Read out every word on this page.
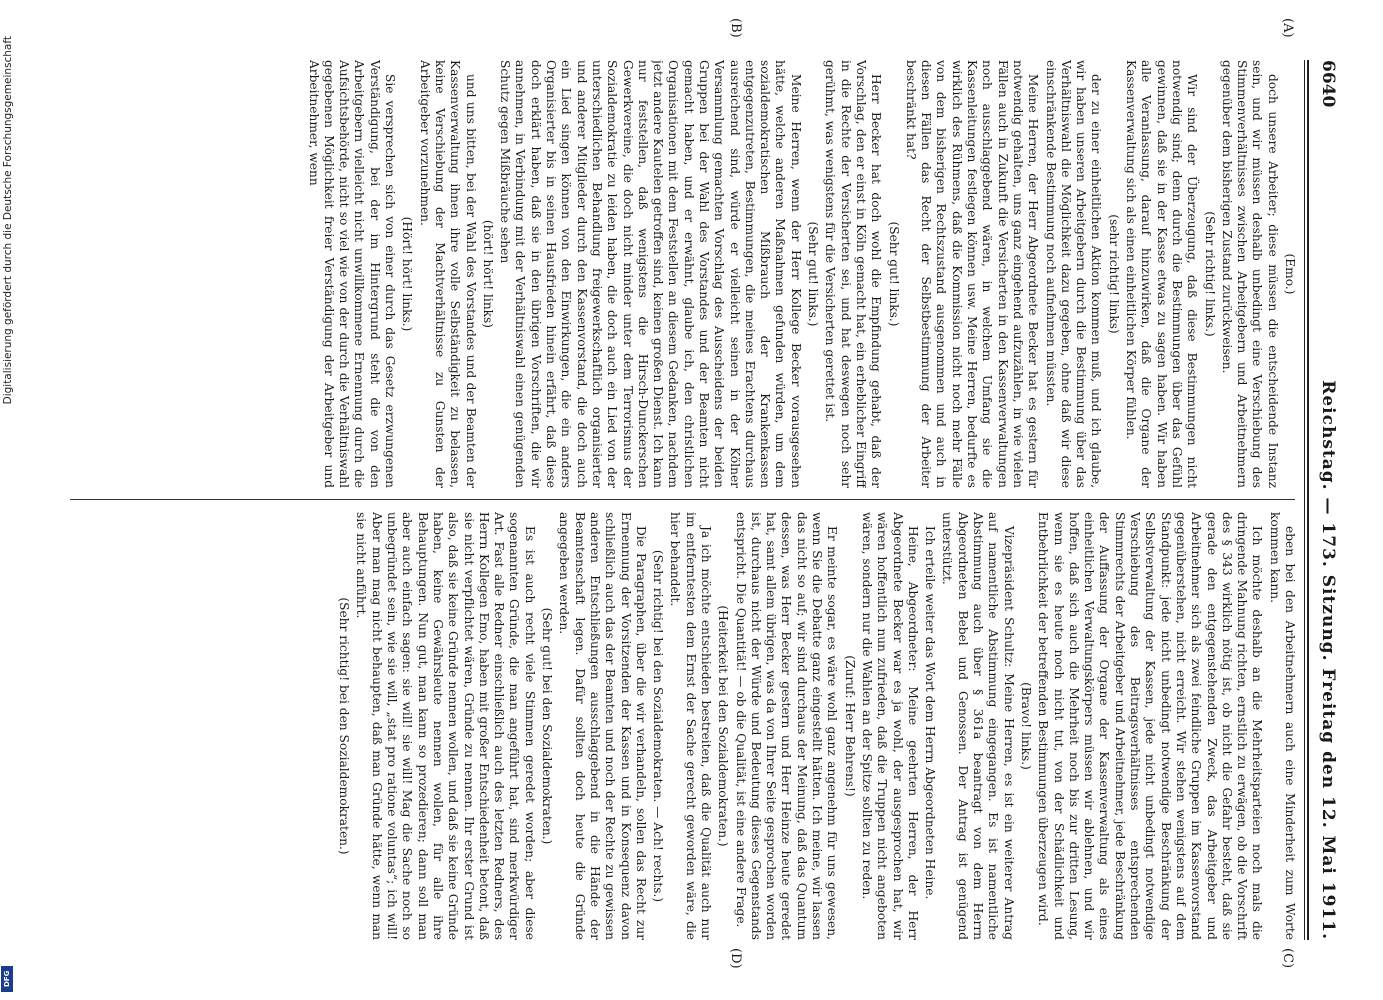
6640
Reichstag. — 173. Sitzung. Freitag den 12. Mai 1911.
(A)
(B)
(C)
(D)

(Emo.)

doch unsere Arbeiter; diese müssen die entscheidende Instanz sein, und wir müssen deshalb unbedingt eine Verschiebung des Stimmenverhältnisses zwischen Arbeitgebern und Arbeitnehmern gegenüber dem bisherigen Zustand zurückweisen.

(Sehr richtig! links.)

Wir sind der Überzeugung, daß diese Bestimmungen nicht notwendig sind; denn durch die Bestimmungen über das Gefühl gewinnen, daß sie in der Kasse etwas zu sagen haben. Wir haben alle Veranlassung, darauf hinzuwirken, daß die Organe der Kassenverwaltung sich als einen einheitlichen Körper fühlen.

(sehr richtig! links)

der zu einer einheitlichen Aktion kommen muß, und ich glaube, wir haben unseren Arbeitgebern durch die Bestimmung über das Verhältniswahl die Möglichkeit dazu gegeben, ohne daß wir diese einschränkende Bestimmung noch aufnehmen müssten.

Meine Herren, der Herr Abgeordnete Becker hat es gestern für notwendig gehalten, uns ganz eingehend aufzuzählen, in wie vielen Fällen auch in Zukunft die Versicherten in den Kassenverwaltungen noch ausschlaggebend wären, in welchem Umfang sie die Kassenleitungen festlegen können usw. Meine Herren, bedurfte es wirklich des Rühmens, daß die Kommission nicht noch mehr Fälle von dem bisherigen Rechtszustand ausgenommen und auch in diesen Fällen das Recht der Selbstbestimmung der Arbeiter beschränkt hat?

(Sehr gut! links.)

Herr Becker hat doch wohl die Empfindung gehabt, daß der Vorschlag, den er einst in Köln gemacht hat, ein erheblicher Eingriff in die Rechte der Versicherten sei, und hat deswegen noch sehr gerühmt, was wenigstens für die Versicherten gerettet ist.

(Sehr gut! links.)

Meine Herren, wenn der Herr Kollege Becker vorausgesehen hätte, welche anderen Maßnahmen gefunden würden, um dem sozialdemokratischen Mißbrauch der Krankenkassen entgegenzutreten, Bestimmungen, die meines Erachtens durchaus ausreichend sind, würde er vielleicht seinen in der Kölner Versammlung gemachten Vorschlag des Ausscheidens der beiden Gruppen bei der Wahl des Vorstandes und der Beamten nicht gemacht haben, und er erwähnt, glaube ich, den christlichen Organisationen mit dem Feststellen an diesem Gedanken, nachdem jetzt andere Kautelen getroffen sind, keinen großen Dienst. Ich kann nur feststellen, daß wenigstens die Hirsch-Dunckerschen Gewerkvereine, die doch nicht minder unter dem Terrorismus der Sozialdemokratie zu leiden haben, die doch auch ein Lied von der unterschiedlichen Behandlung freigewerkschaftlich organisierter und anderer Mitglieder durch den Kassenvorstand, die doch auch ein Lied singen können von den Einwirkungen, die ein anders Organisierter bis in seinen Hausfrieden hinein erfährt, daß diese doch erklärt haben, daß sie in den übrigen Vorschriften, die wir annehmen, in Verbindung mit der Verhältniswahl einen genügenden Schutz gegen Mißbräuche sehen

(hört! hört! links)

und uns bitten, bei der Wahl des Vorstandes und der Beamten der Kassenverwaltung ihnen ihre volle Selbständigkeit zu belassen, keine Verschiebung der Machtverhältnisse zu Gunsten der Arbeitgeber vorzunehmen.

(Hört! hört! links.)

Sie versprechen sich von einer durch das Gesetz erzwungenen Verständigung, bei der im Hintergrund steht die von den Arbeitgebern vielleicht nicht unwillkommene Ernennung durch die Aufsichtsbehörde, nicht so viel wie von der durch die Verhältniswahl gegebenen Möglichkeit freier Verständigung der Arbeitgeber und Arbeitnehmer, wenn

eben bei den Arbeitnehmern auch eine Minderheit zum Worte kommen kann.

Ich möchte deshalb an die Mehrheitsparteien noch mals die dringende Mahnung richten, ernstlich zu erwägen, ob die Vorschrift des § 343 wirklich nötig ist, ob nicht die Gefahr besteht, daß sie gerade den entgegenstehenden Zweck, das Arbeitgeber und Arbeitnehmer sich als zwei feindliche Gruppen im Kassenvorstand gegenüberstehen, nicht erreicht. Wir stehen wenigstens auf dem Standpunkt: jede nicht unbedingt notwendige Beschränkung der Selbstverwaltung der Kassen, jede nicht unbedingt notwendige Verschiebung des Beitragsverhältnisses entsprechenden Stimmrechts der Arbeitgeber und Arbeitnehmer, jede Beschränkung der Auffassung der Organe der Kassenverwaltung als eines einheitlichen Verwaltungskörpers müssen wir ablehnen, und wir hoffen, daß sich auch die Mehrheit noch bis zur dritten Lesung, wenn sie es heute noch nicht tut, von der Schädlichkeit und Entbehrlichkeit der betreffenden Bestimmungen überzeugen wird.

(Bravo! links.)

Vizepräsident Schultz: Meine Herren, es ist ein weiterer Antrag auf namentliche Abstimmung eingegangen. Es ist namentliche Abstimmung auch über § 361a beantragt von dem Herrn Abgeordneten Bebel und Genossen. Der Antrag ist genügend unterstützt.

Ich erteile weiter das Wort dem Herrn Abgeordneten Heine.

Heine, Abgeordneter: Meine geehrten Herren, der Herr Abgeordnete Becker war es ja wohl, der ausgesprochen hat, wir wären hoffentlich nun zufrieden, daß die Truppen nicht angeboten wären, sondern nur die Wahlen an der Spitze sollten zu reden.

(Zuruf: Herr Behrens!)

Er meinte sogar, es wäre wohl ganz angenehm für uns gewesen, wenn Sie die Debatte ganz eingestellt hätten. Ich meine, wir lassen das nicht so auf; wir sind durchaus der Meinung, daß das Quantum dessen, was Herr Becker gestern und Herr Heinze heute geredet hat, samt allem übrigen, was da von Ihrer Seite gesprochen worden ist, durchaus nicht der Würde und Bedeutung dieses Gegenstands entspricht. Die Quantität! — ob die Qualität, ist eine andere Frage.

(Heiterkeit bei den Sozialdemokraten.)

Ja ich möchte entschieden bestreiten, daß die Qualität auch nur im entferntesten dem Ernst der Sache gerecht geworden wäre, die hier behandelt.

(Sehr richtig! bei den Sozialdemokraten. — Ach! rechts.)

Die Paragraphen, über die wir verhandeln, sollen das Recht zur Ernennung der Vorsitzenden der Kassen und in Konsequenz davon schließlich auch das der Beamten und noch der Rechte zu gewissen anderen Entschließungen ausschlaggebend in die Hände der Beamtenschaft legen. Dafür sollten doch heute die Gründe angegeben werden.

(Sehr gut! bei den Sozialdemokraten.)

Es ist auch recht viele Stimmen geredet worden; aber diese sogenannten Gründe, die man angeführt hat, sind merkwürdiger Art. Fast alle Redner einschließlich auch des letzten Redners, des Herrn Kollegen Emo, haben mit großer Entschiedenheit betont, daß sie nicht verpflichtet wären, Gründe zu nennen. Ihr erster Grund ist also, daß sie keine Gründe nennen wollen, und daß sie keine Gründe haben, keine Gewährsleute nennen wollen, für alle ihre Behauptungen. Nun gut, man kann so prozedieren; dann soll man aber auch einfach sagen: sie will! sie will! Mag die Sache noch so unbegründet sein, wie sie will, „stat pro ratione voluntas“; ich will! Aber man mag nicht behaupten, daß man Gründe hätte, wenn man sie nicht anführt.

(Sehr richtig! bei den Sozialdemokraten.)

Digitalisierung gefördert durch die Deutsche Forschungsgemeinschaft
DFG
